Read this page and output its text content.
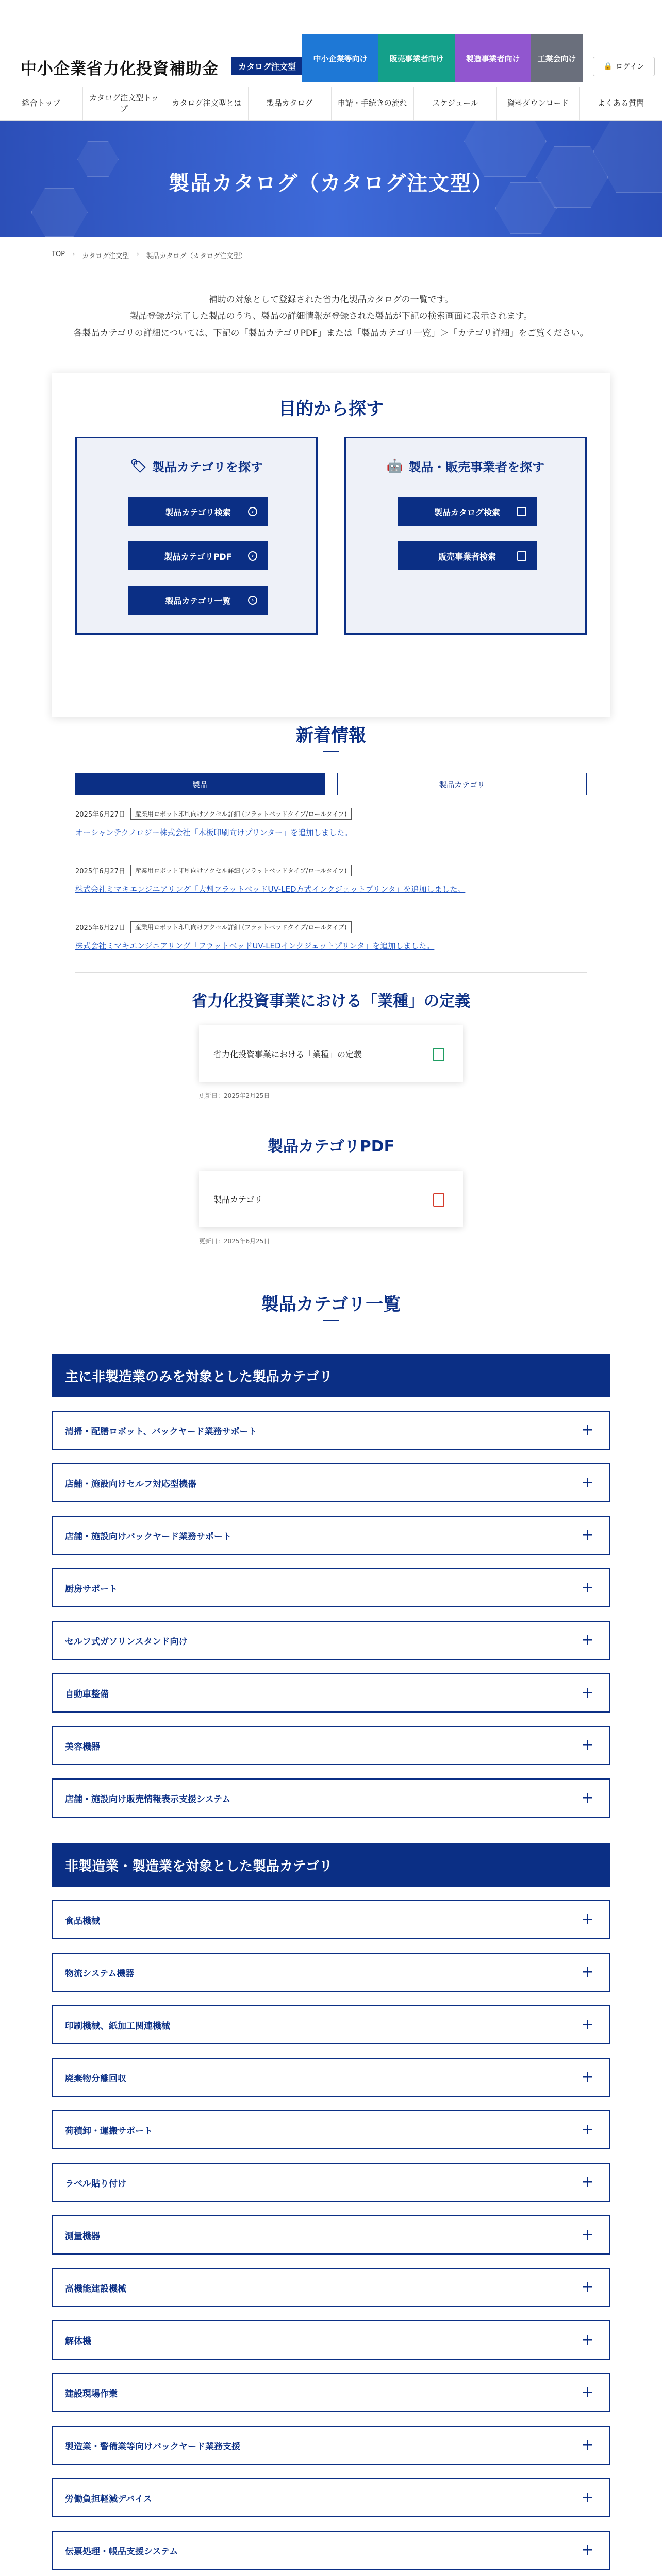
中小企業省力化投資補助金	カタログ注文型
中小企業等向け	販売事業者向け	製造事業者向け	工業会向け
🔒 ログイン
総合トップ
カタログ注文型トップ
カタログ注文型とは	製品カタログ	申請・手続きの流れ	スケジュール	資料ダウンロード	よくある質問
製品カタログ（カタログ注文型）
TOP › カタログ注文型 › 製品カタログ（カタログ注文型）

補助の対象として登録された省力化製品カタログの一覧です。

製品登録が完了した製品のうち、製品の詳細情報が登録された製品が下記の検索画面に表示されます。

各製品カテゴリの詳細については、下記の「製品カテゴリPDF」または「製品カテゴリ一覧」＞「カテゴリ詳細」をご覧ください。

目的から探す
🏷 製品カテゴリを探す
製品カテゴリ検索	›
製品カテゴリPDF	›
製品カテゴリ一覧	›
🤖 製品・販売事業者を探す
製品カタログ検索
販売事業者検索
新着情報
製品	製品カテゴリ
2025年6月27日	産業用ロボット印刷向けアクセル詳細 (フラットベッドタイプ/ロールタイプ)
オーシャンテクノロジー株式会社「木板印刷向けプリンター」を追加しました。
2025年6月27日	産業用ロボット印刷向けアクセル詳細 (フラットベッドタイプ/ロールタイプ)
株式会社ミマキエンジニアリング「大判フラットベッドUV-LED方式インクジェットプリンタ」を追加しました。
2025年6月27日	産業用ロボット印刷向けアクセル詳細 (フラットベッドタイプ/ロールタイプ)
株式会社ミマキエンジニアリング「フラットベッドUV-LEDインクジェットプリンタ」を追加しました。
省力化投資事業における「業種」の定義
省力化投資事業における「業種」の定義
更新日：2025年2月25日
製品カテゴリPDF
製品カテゴリ
更新日：2025年6月25日
製品カテゴリ一覧
主に非製造業のみを対象とした製品カテゴリ
清掃・配膳ロボット、バックヤード業務サポート	+
店舗・施設向けセルフ対応型機器	+
店舗・施設向けバックヤード業務サポート	+
厨房サポート	+
セルフ式ガソリンスタンド向け	+
自動車整備	+
美容機器	+
店舗・施設向け販売情報表示支援システム	+
非製造業・製造業を対象とした製品カテゴリ
食品機械	+
物流システム機器	+
印刷機械、紙加工関連機械	+
廃棄物分離回収	+
荷積卸・運搬サポート	+
ラベル貼り付け	+
測量機器	+
高機能建設機械	+
解体機	+
建設現場作業	+
製造業・警備業等向けバックヤード業務支援	+
労働負担軽減デバイス	+
伝票処理・帳品支援システム	+
